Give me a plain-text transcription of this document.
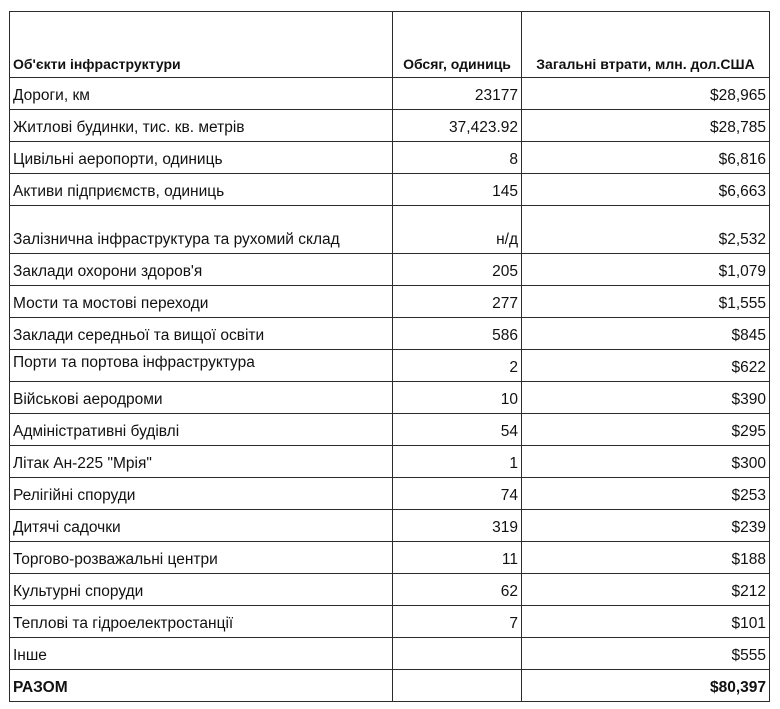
Об'єкти інфраструктури	Обсяг, одиниць	Загальні втрати, млн. дол.США
Дороги, км	23177	$28,965
Житлові будинки, тис. кв. метрів	37,423.92	$28,785
Цивільні аеропорти, одиниць	8	$6,816
Активи підприємств, одиниць	145	$6,663
Залізнична інфраструктура та рухомий склад	н/д	$2,532
Заклади охорони здоров'я	205	$1,079
Мости та мостові переходи	277	$1,555
Заклади середньої та вищої освіти	586	$845
Порти та портова інфраструктура	2	$622
Військові аеродроми	10	$390
Адміністративні будівлі	54	$295
Літак Ан-225 "Мрія"	1	$300
Релігійні споруди	74	$253
Дитячі садочки	319	$239
Торгово-розважальні центри	11	$188
Культурні споруди	62	$212
Теплові та гідроелектростанції	7	$101
Інше		$555
РАЗОМ		$80,397
